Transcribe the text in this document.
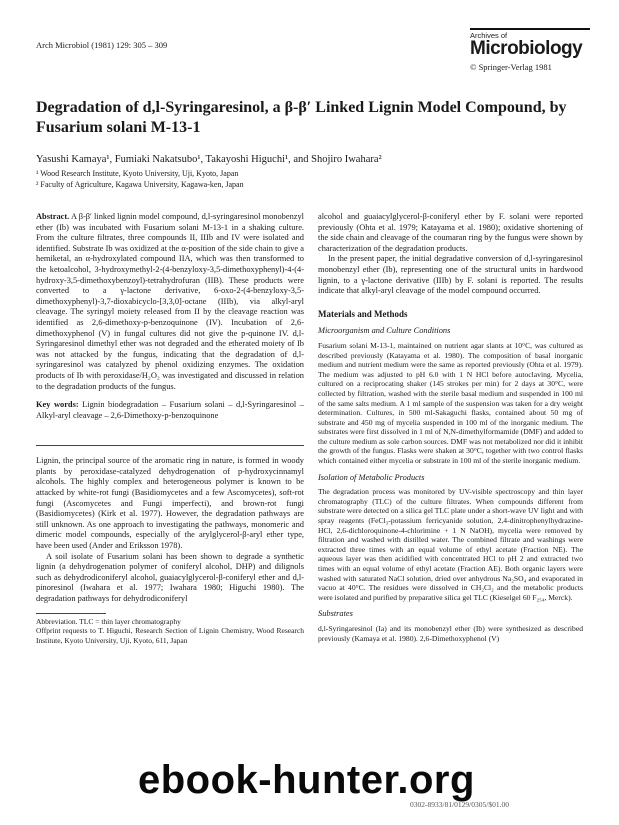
Arch Microbiol (1981) 129: 305 – 309
Archives of
Microbiology
© Springer-Verlag 1981
Degradation of d,l-Syringaresinol, a β-β′ Linked Lignin Model Compound, by Fusarium solani M-13-1
Yasushi Kamaya¹, Fumiaki Nakatsubo¹, Takayoshi Higuchi¹, and Shojiro Iwahara²
¹ Wood Research Institute, Kyoto University, Uji, Kyoto, Japan
² Faculty of Agriculture, Kagawa University, Kagawa-ken, Japan

Abstract. A β-β′ linked lignin model compound, d,l-syringaresinol monobenzyl ether (Ib) was incubated with Fusarium solani M-13-1 in a shaking culture. From the culture filtrates, three compounds II, IIIb and IV were isolated and identified. Substrate Ib was oxidized at the α-position of the side chain to give a hemiketal, an α-hydroxylated compound IIA, which was then transformed to the ketoalcohol, 3-hydroxymethyl-2-(4-benzyloxy-3,5-dimethoxyphenyl)-4-(4-hydroxy-3,5-dimethoxybenzoyl)-tetrahydrofuran (IIB). These products were converted to a γ-lactone derivative, 6-oxo-2-(4-benzyloxy-3,5-dimethoxyphenyl)-3,7-dioxabicyclo-[3,3,0]-octane (IIIb), via alkyl-aryl cleavage. The syringyl moiety released from II by the cleavage reaction was identified as 2,6-dimethoxy-p-benzoquinone (IV). Incubation of 2,6-dimethoxyphenol (V) in fungal cultures did not give the p-quinone IV. d,l-Syringaresinol dimethyl ether was not degraded and the etherated moiety of Ib was not attacked by the fungus, indicating that the degradation of d,l-syringaresinol was catalyzed by phenol oxidizing enzymes. The oxidation products of Ib with peroxidase/H₂O₂ was investigated and discussed in relation to the degradation products of the fungus.

Key words: Lignin biodegradation – Fusarium solani – d,l-Syringaresinol – Alkyl-aryl cleavage – 2,6-Dimethoxy-p-benzoquinone

Lignin, the principal source of the aromatic ring in nature, is formed in woody plants by peroxidase-catalyzed dehydrogenation of p-hydroxycinnamyl alcohols. The highly complex and heterogeneous polymer is known to be attacked by white-rot fungi (Basidiomycetes and a few Ascomycetes), soft-rot fungi (Ascomycetes and Fungi imperfecti), and brown-rot fungi (Basidiomycetes) (Kirk et al. 1977). However, the degradation pathways are still unknown. As one approach to investigating the pathways, monomeric and dimeric model compounds, especially of the arylglycerol-β-aryl ether type, have been used (Ander and Eriksson 1978).

A soil isolate of Fusarium solani has been shown to degrade a synthetic lignin (a dehydrogenation polymer of coniferyl alcohol, DHP) and dilignols such as dehydrodiconiferyl alcohol, guaiacylglycerol-β-coniferyl ether and d,l-pinoresinol (Iwahara et al. 1977; Iwahara 1980; Higuchi 1980). The degradation pathways for dehydrodiconiferyl

Abbreviation. TLC = thin layer chromatography
Offprint requests to T. Higuchi, Research Section of Lignin Chemistry, Wood Research Institute, Kyoto University, Uji, Kyoto, 611, Japan

alcohol and guaiacylglycerol-β-coniferyl ether by F. solani were reported previously (Ohta et al. 1979; Katayama et al. 1980); oxidative shortening of the side chain and cleavage of the coumaran ring by the fungus were shown by characterization of the degradation products.

In the present paper, the initial degradative conversion of d,l-syringaresinol monobenzyl ether (Ib), representing one of the structural units in hardwood lignin, to a γ-lactone derivative (IIIb) by F. solani is reported. The results indicate that alkyl-aryl cleavage of the model compound occurred.

Materials and Methods
Microorganism and Culture Conditions

Fusarium solani M-13-1, maintained on nutrient agar slants at 10°C, was cultured as described previously (Katayama et al. 1980). The composition of basal inorganic medium and nutrient medium were the same as reported previously (Ohta et al. 1979). The medium was adjusted to pH 6.0 with 1 N HCl before autoclaving. Mycelia, cultured on a reciprocating shaker (145 strokes per min) for 2 days at 30°C, were collected by filtration, washed with the sterile basal medium and suspended in 100 ml of the same salts medium. A 1 ml sample of the suspension was taken for a dry weight determination. Cultures, in 500 ml-Sakaguchi flasks, contained about 50 mg of substrate and 450 mg of mycelia suspended in 100 ml of the inorganic medium. The substrates were first dissolved in 1 ml of N,N-dimethylformamide (DMF) and added to the culture medium as sole carbon sources. DMF was not metabolized nor did it inhibit the growth of the fungus. Flasks were shaken at 30°C, together with two control flasks which contained either mycelia or substrate in 100 ml of the sterile inorganic medium.

Isolation of Metabolic Products

The degradation process was monitored by UV-visible spectroscopy and thin layer chromatography (TLC) of the culture filtrates. When compounds different from substrate were detected on a silica gel TLC plate under a short-wave UV light and with spray reagents (FeCl₃-potassium ferricyanide solution, 2,4-dinitrophenylhydrazine-HCl, 2,6-dichloroquinone-4-chlorimine + 1 N NaOH), mycelia were removed by filtration and washed with distilled water. The combined filtrate and washings were extracted three times with an equal volume of ethyl acetate (Fraction NE). The aqueous layer was then acidified with concentrated HCl to pH 2 and extracted two times with an equal volume of ethyl acetate (Fraction AE). Both organic layers were washed with saturated NaCl solution, dried over anhydrous Na₂SO₄ and evaporated in vacuo at 40°C. The residues were dissolved in CH₂Cl₂ and the metabolic products were isolated and purified by preparative silica gel TLC (Kieselgel 60 F₂₅₄, Merck).

Substrates

d,l-Syringaresinol (Ia) and its monobenzyl ether (Ib) were synthesized as described previously (Kamaya et al. 1980). 2,6-Dimethoxyphenol (V)

0302-8933/81/0129/0305/$01.00
ebook-hunter.org
